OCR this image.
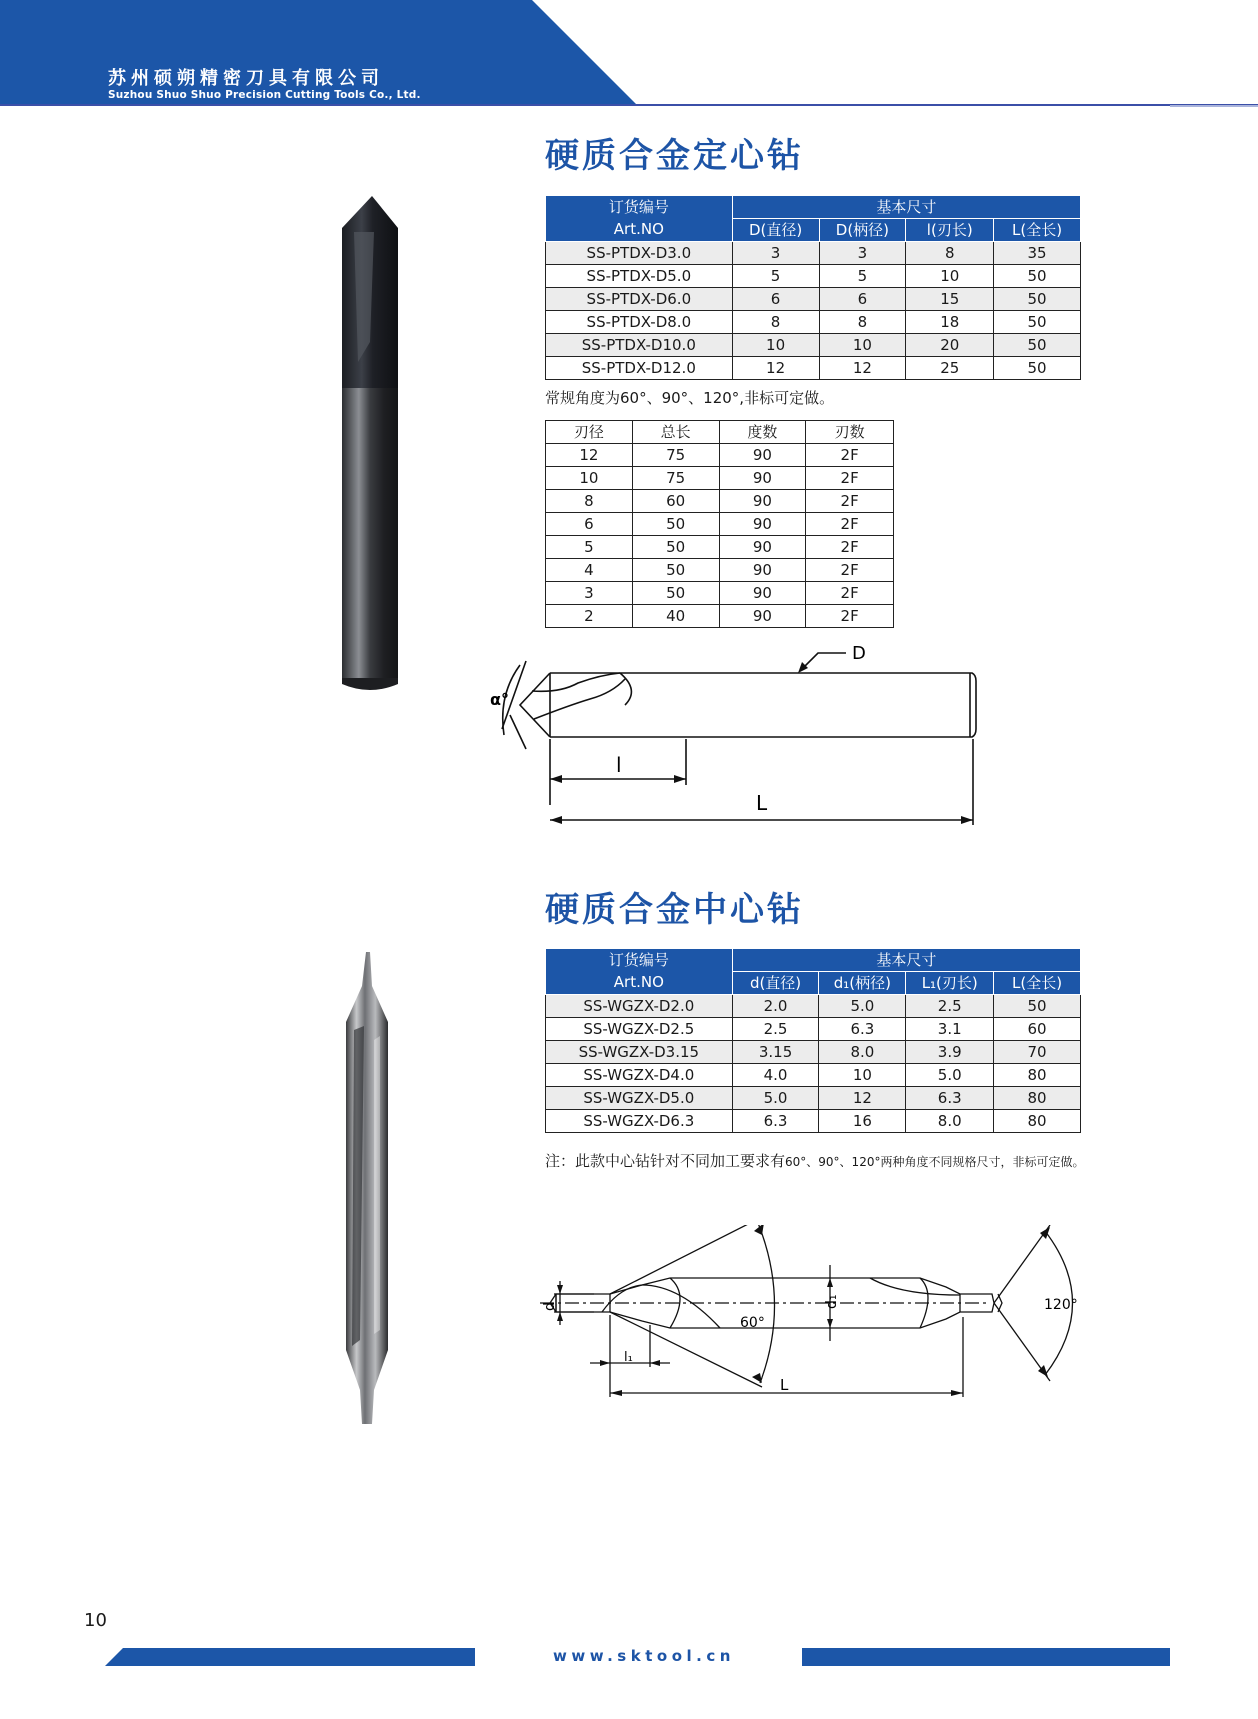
苏州硕朔精密刀具有限公司
Suzhou Shuo Shuo Precision Cutting Tools Co., Ltd.
硬质合金定心钻
订货编号	基本尺寸			
Art.NO	D(直径)	D(柄径)	l(刃长)	L(全长)
SS-PTDX-D3.0	3	3	8	35
SS-PTDX-D5.0	5	5	10	50
SS-PTDX-D6.0	6	6	15	50
SS-PTDX-D8.0	8	8	18	50
SS-PTDX-D10.0	10	10	20	50
SS-PTDX-D12.0	12	12	25	50
常规角度为60°、90°、120°,非标可定做。
刃径	总长	度数	刃数
12	75	90	2F
10	75	90	2F
8	60	90	2F
6	50	90	2F
5	50	90	2F
4	50	90	2F
3	50	90	2F
2	40	90	2F
D
α°
l
L
硬质合金中心钻
订货编号	基本尺寸			
Art.NO	d(直径)	d₁(柄径)	L₁(刃长)	L(全长)
SS-WGZX-D2.0	2.0	5.0	2.5	50
SS-WGZX-D2.5	2.5	6.3	3.1	60
SS-WGZX-D3.15	3.15	8.0	3.9	70
SS-WGZX-D4.0	4.0	10	5.0	80
SS-WGZX-D5.0	5.0	12	6.3	80
SS-WGZX-D6.3	6.3	16	8.0	80
注：此款中心钻针对不同加工要求有60°、90°、120°两种角度不同规格尺寸，非标可定做。
d	d₁
l₁
L
60°
120°
10
www.sktool.cn
